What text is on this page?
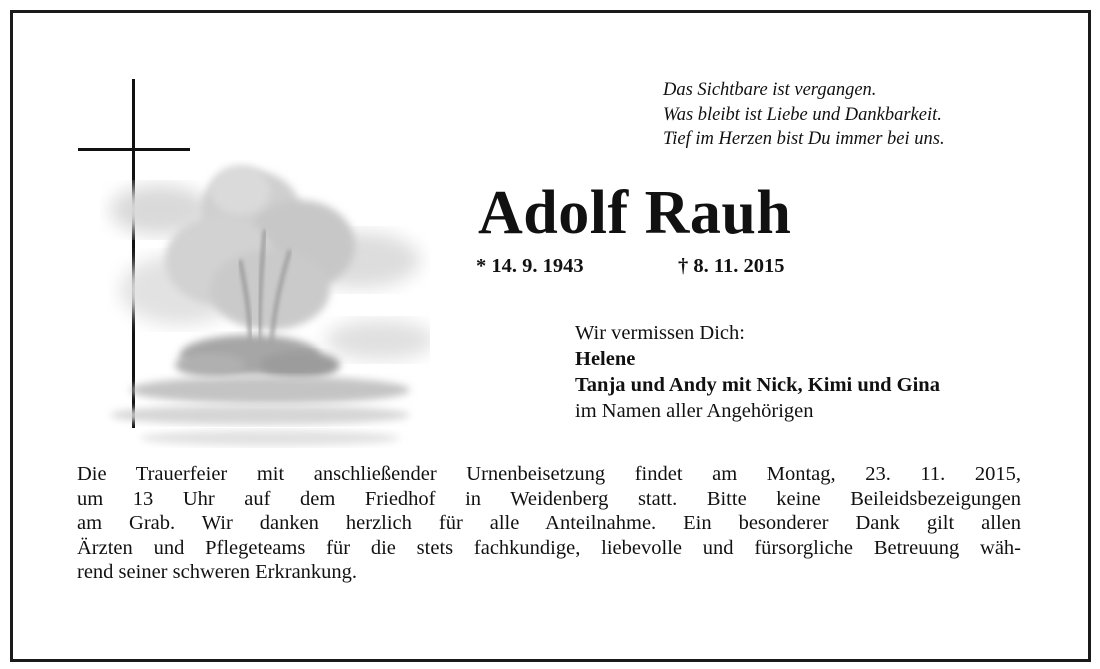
Das Sichtbare ist vergangen.
Was bleibt ist Liebe und Dankbarkeit.
Tief im Herzen bist Du immer bei uns.
Adolf Rauh
* 14. 9. 1943	† 8. 11. 2015
Wir vermissen Dich:
Helene
Tanja und Andy mit Nick, Kimi und Gina
im Namen aller Angehörigen
Die Trauerfeier mit anschließender Urnenbeisetzung findet am Montag, 23. 11. 2015,
um 13 Uhr auf dem Friedhof in Weidenberg statt. Bitte keine Beileidsbezeigungen
am Grab. Wir danken herzlich für alle Anteilnahme. Ein besonderer Dank gilt allen
Ärzten und Pflegeteams für die stets fachkundige, liebevolle und fürsorgliche Betreuung wäh-
rend seiner schweren Erkrankung.
